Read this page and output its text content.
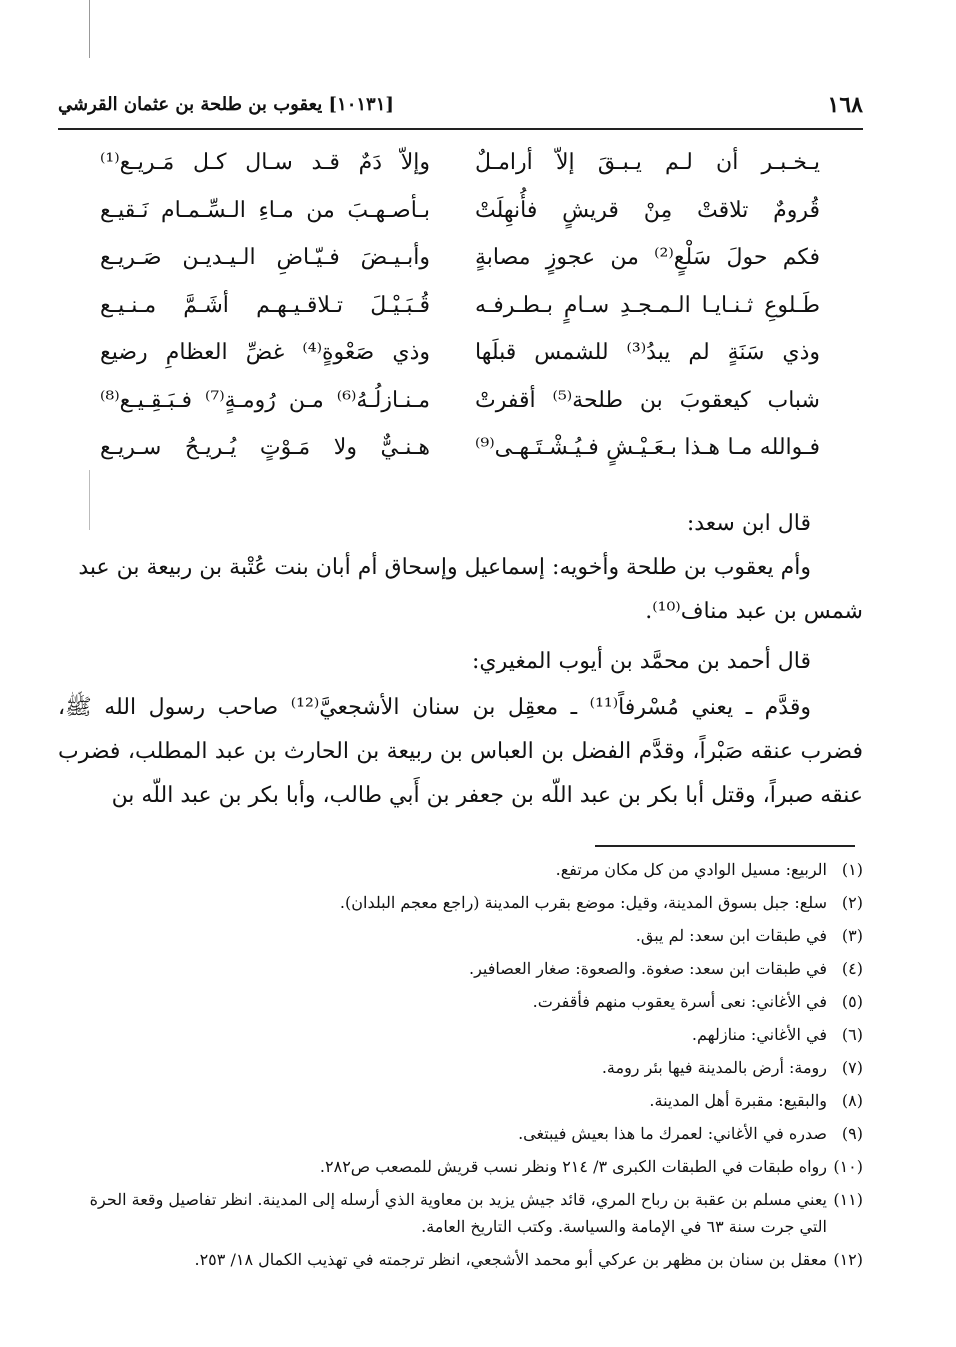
١٦٨
[١٠١٣١] يعقوب بن طلحة بن عثمان القرشي
يـخـبـر أن لـم يـبـقَ إلاّ أرامـلٌ
وإلاّ دَمٌ قـد سـال كـل مَـريـع⁽¹⁾
قُرومٌ تلاقتْ مِنْ قريشٍ فأُنهِلَتْ
بـأصـهـبَ من مـاءِ الـسِّـمـام نَـقيـع
فكم حولَ سَلْعٍ⁽²⁾ من عجوزٍ مصابةٍ
وأبـيـضَ فـيّـاضِ الـيـديـن صَـريـع
طَـلوعِ ثـنـايـا الـمـجـدِ سـامٍ بـطـرفـه
قُـبَـيْـلَ تـلاقـيـهـم أشَـمَّ مـنـيـع
وذي سَنَةٍ لم يبدُ⁽³⁾ للشمس قبلَها
وذي صَعْوةٍ⁽⁴⁾ غضِّ العظامِ رضيع
شباب كيعقوبَ بن طلحة⁽⁵⁾ أقفرتْ
مـنـازلُـهُ⁽⁶⁾ مـن رُومـةٍ⁽⁷⁾ فـبَـقِـيـع⁽⁸⁾
فـوالله مـا هـذا بـعَـيْـشٍ فـيُـشْـتَـهـى⁽⁹⁾
هـنـيٌّ ولا مَـوْتٍ يُـريـحُ سـريـع
قال ابن سعد:
وأم يعقوب بن طلحة وأخويه: إسماعيل وإسحاق أم أبان بنت عُتْبة بن ربيعة بن عبد شمس بن عبد مناف⁽¹⁰⁾.
قال أحمد بن محمَّد بن أيوب المغيري:
وقدَّم ـ يعني مُسْرفاً⁽¹¹⁾ ـ معقِل بن سنان الأشجعيَّ⁽¹²⁾ صاحب رسول الله ﷺ، فضرب عنقه صَبْراً، وقدَّم الفضل بن العباس بن ربيعة بن الحارث بن عبد المطلب، فضرب عنقه صبراً، وقتل أبا بكر بن عبد اللّه بن جعفر بن أَبي طالب، وأبا بكر بن عبد اللّه بن
(١)
الربيع: مسيل الوادي من كل مكان مرتفع.
(٢)
سلع: جبل بسوق المدينة، وقيل: موضع بقرب المدينة (راجع معجم البلدان).
(٣)
في طبقات ابن سعد: لم يبق.
(٤)
في طبقات ابن سعد: صغوة. والصعوة: صغار العصافير.
(٥)
في الأغاني: نعى أسرة يعقوب منهم فأقفرت.
(٦)
في الأغاني: منازلهم.
(٧)
رومة: أرض بالمدينة فيها بئر رومة.
(٨)
والبقيع: مقبرة أهل المدينة.
(٩)
صدره في الأغاني: لعمرك ما هذا بعيش فيبتغى.
(١٠)
رواه طبقات في الطبقات الكبرى ٣/ ٢١٤ ونظر نسب قريش للمصعب ص٢٨٢.
(١١)
يعني مسلم بن عقبة بن رباح المري، قائد جيش يزيد بن معاوية الذي أرسله إلى المدينة. انظر تفاصيل وقعة الحرة التي جرت سنة ٦٣ في الإمامة والسياسة. وكتب التاريخ العامة.
(١٢)
معقل بن سنان بن مظهر بن عركي أبو محمد الأشجعي، انظر ترجمته في تهذيب الكمال ١٨/ ٢٥٣.
